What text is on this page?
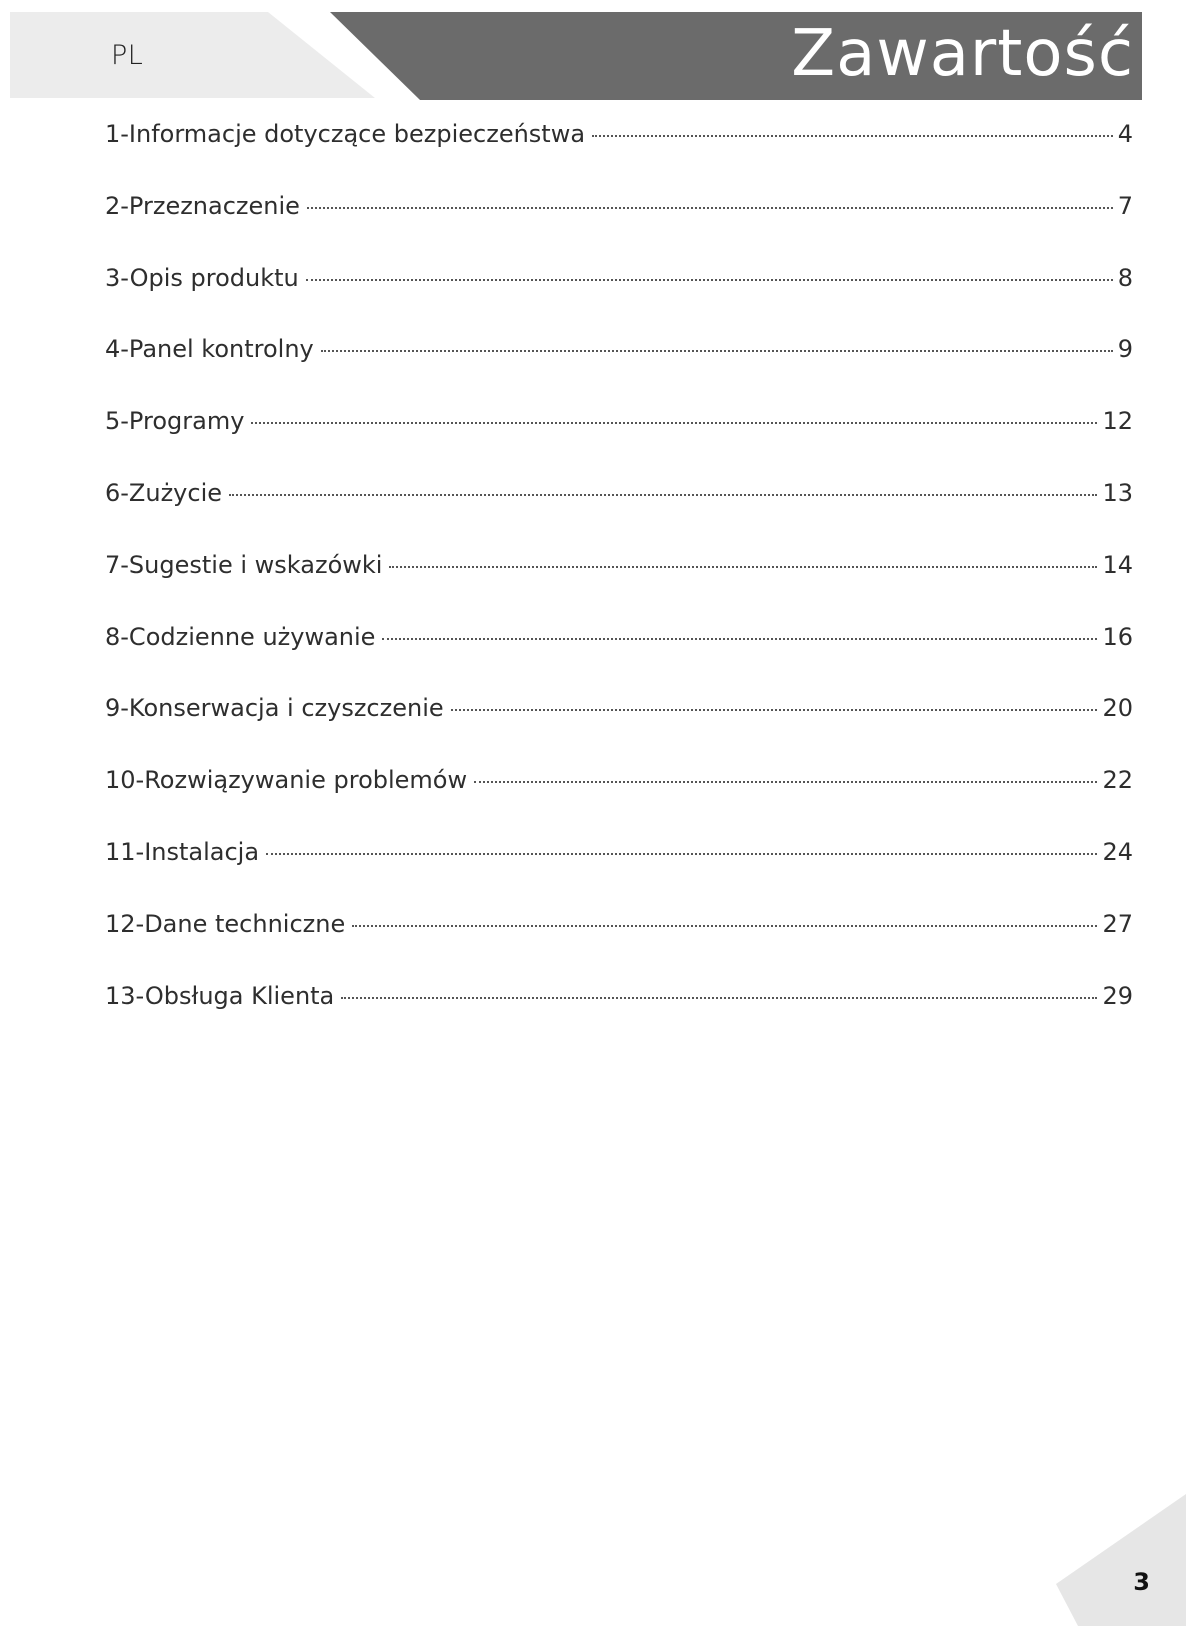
PL	Zawartość
1-Informacje dotyczące bezpieczeństwa	4
2-Przeznaczenie	7
3-Opis produktu	8
4-Panel kontrolny	9
5-Programy	12
6-Zużycie	13
7-Sugestie i wskazówki	14
8-Codzienne używanie	16
9-Konserwacja i czyszczenie	20
10-Rozwiązywanie problemów	22
11-Instalacja	24
12-Dane techniczne	27
13-Obsługa Klienta	29
3
